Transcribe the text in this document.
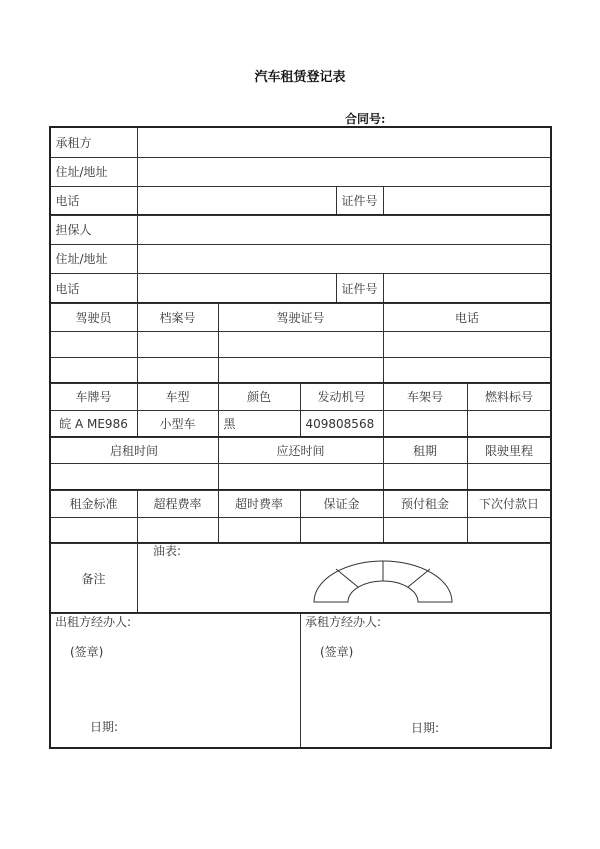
汽车租赁登记表
合同号:
承租方
住址/地址
电话	证件号
担保人
住址/地址
电话	证件号
驾驶员	档案号	驾驶证号	电话
车牌号	车型	颜色	发动机号	车架号	燃料标号
皖 A ME986	小型车	黑	409808568
启租时间	应还时间	租期	限驶里程
租金标准	超程费率	超时费率	保证金	预付租金	下次付款日
备注
油表:
出租方经办人:
(签章)
日期:
承租方经办人:
(签章)
日期:
